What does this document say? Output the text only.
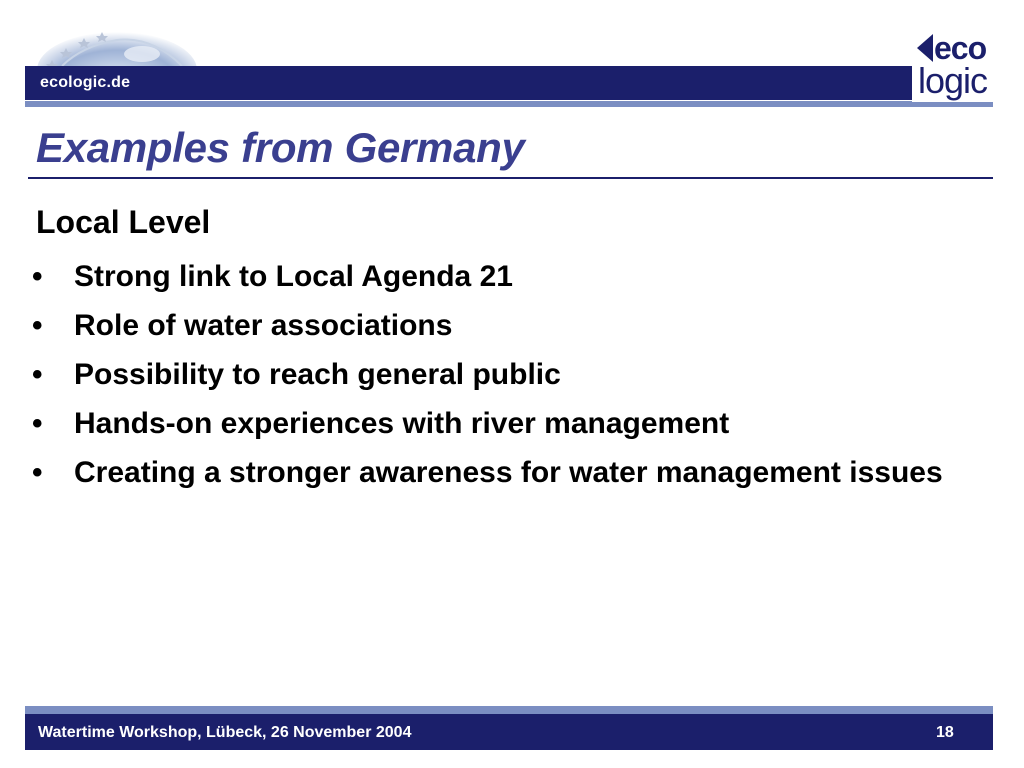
ecologic.de
eco
logic
Examples from Germany
Local Level
• Strong link to Local Agenda 21
• Role of water associations
• Possibility to reach general public
• Hands-on experiences with river management
• Creating a stronger awareness for water management issues
Watertime Workshop, Lübeck, 26 November 2004	18
